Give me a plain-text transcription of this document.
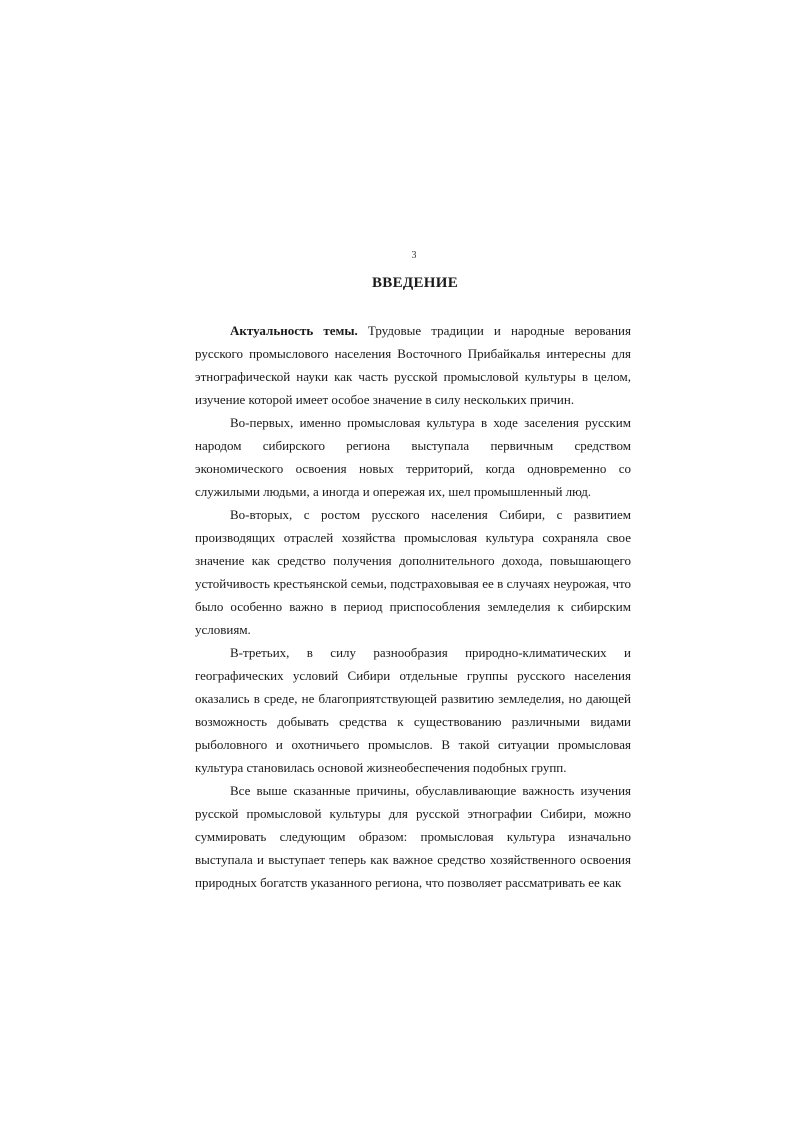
3
ВВЕДЕНИЕ

Актуальность темы. Трудовые традиции и народные верования русского промыслового населения Восточного Прибайкалья интересны для этнографической науки как часть русской промысловой культуры в целом, изучение которой имеет особое значение в силу нескольких причин.

Во-первых, именно промысловая культура в ходе заселения русским народом сибирского региона выступала первичным средством экономического освоения новых территорий, когда одновременно со служилыми людьми, а иногда и опережая их, шел промышленный люд.

Во-вторых, с ростом русского населения Сибири, с развитием производящих отраслей хозяйства промысловая культура сохраняла свое значение как средство получения дополнительного дохода, повышающего устойчивость крестьянской семьи, подстраховывая ее в случаях неурожая, что было особенно важно в период приспособления земледелия к сибирским условиям.

В-третьих, в силу разнообразия природно-климатических и географических условий Сибири отдельные группы русского населения оказались в среде, не благоприятствующей развитию земледелия, но дающей возможность добывать средства к существованию различными видами рыболовного и охотничьего промыслов. В такой ситуации промысловая культура становилась основой жизнеобеспечения подобных групп.

Все выше сказанные причины, обуславливающие важность изучения русской промысловой культуры для русской этнографии Сибири, можно суммировать следующим образом: промысловая культура изначально выступала и выступает теперь как важное средство хозяйственного освоения природных богатств указанного региона, что позволяет рассматривать ее как
